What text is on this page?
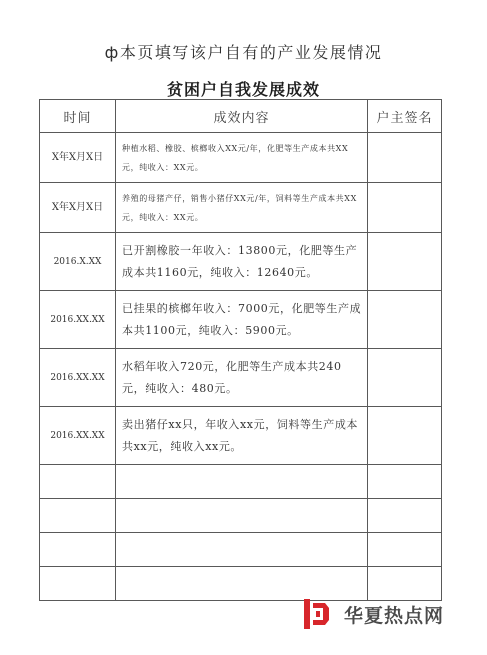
ф本页填写该户自有的产业发展情况
贫困户自我发展成效
时间	成效内容	户主签名
X年X月X日	种植水稻、橡胶、槟榔收入XX元/年，化肥等生产成本共XX元，纯收入：XX元。	

X年X月X日	养殖的母猪产仔，销售小猪仔XX元/年，饲料等生产成本共XX元，纯收入：XX元。	

2016.X.XX	已开割橡胶一年收入：13800元，化肥等生产成本共1160元，纯收入：12640元。	

2016.XX.XX	已挂果的槟榔年收入：7000元，化肥等生产成本共1100元，纯收入：5900元。	

2016.XX.XX	水稻年收入720元，化肥等生产成本共240元，纯收入：480元。	

2016.XX.XX	卖出猪仔xx只，年收入xx元，饲料等生产成本共xx元，纯收入xx元。	

华夏热点网
